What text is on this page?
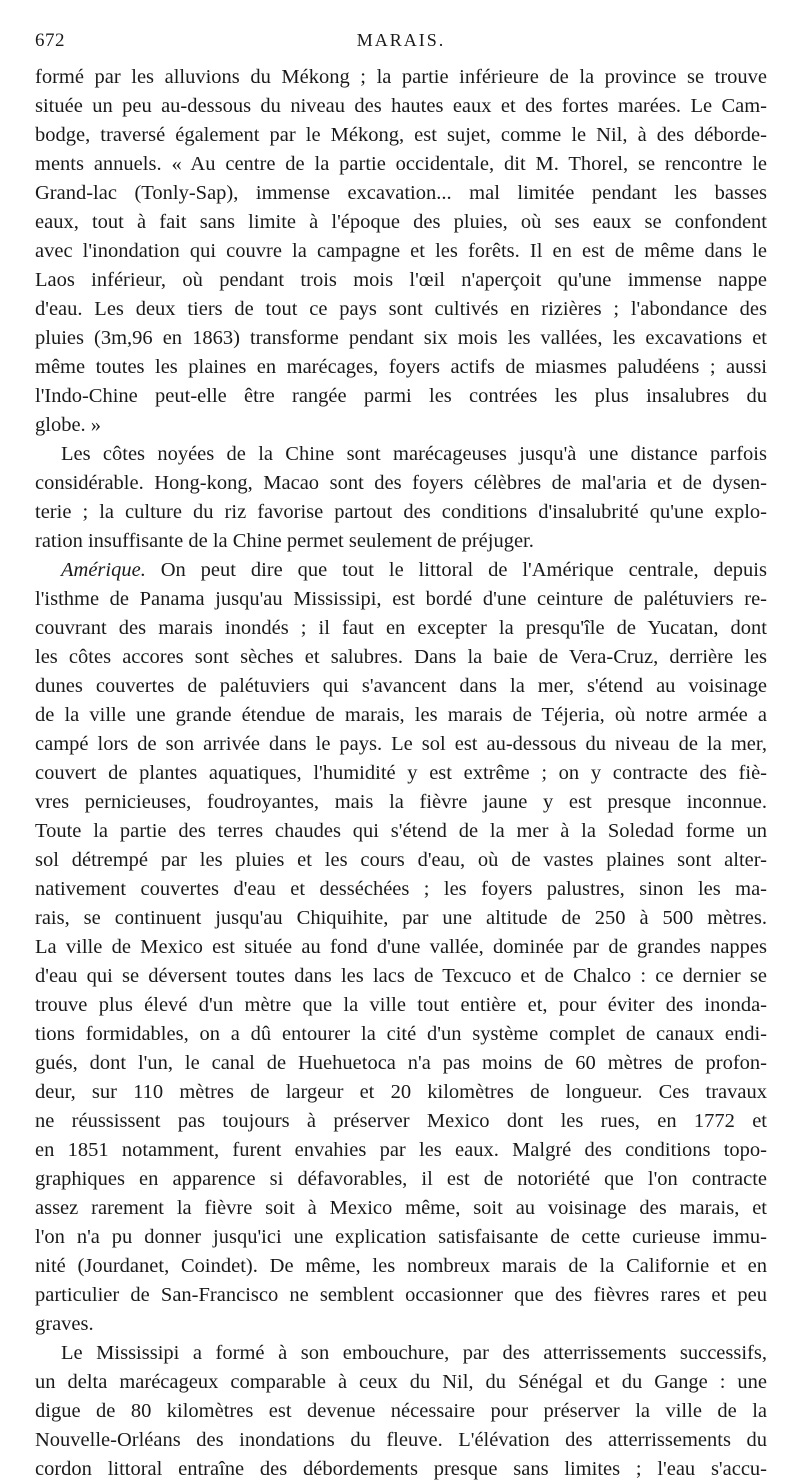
672	MARAIS.
formé par les alluvions du Mékong ; la partie inférieure de la province se trouve
située un peu au-dessous du niveau des hautes eaux et des fortes marées. Le Cam-
bodge, traversé également par le Mékong, est sujet, comme le Nil, à des déborde-
ments annuels. « Au centre de la partie occidentale, dit M. Thorel, se rencontre le
Grand-lac (Tonly-Sap), immense excavation... mal limitée pendant les basses
eaux, tout à fait sans limite à l'époque des pluies, où ses eaux se confondent
avec l'inondation qui couvre la campagne et les forêts. Il en est de même dans le
Laos inférieur, où pendant trois mois l'œil n'aperçoit qu'une immense nappe
d'eau. Les deux tiers de tout ce pays sont cultivés en rizières ; l'abondance des
pluies (3m,96 en 1863) transforme pendant six mois les vallées, les excavations et
même toutes les plaines en marécages, foyers actifs de miasmes paludéens ; aussi
l'Indo-Chine peut-elle être rangée parmi les contrées les plus insalubres du
globe. »
Les côtes noyées de la Chine sont marécageuses jusqu'à une distance parfois
considérable. Hong-kong, Macao sont des foyers célèbres de mal'aria et de dysen-
terie ; la culture du riz favorise partout des conditions d'insalubrité qu'une explo-
ration insuffisante de la Chine permet seulement de préjuger.
Amérique. On peut dire que tout le littoral de l'Amérique centrale, depuis
l'isthme de Panama jusqu'au Mississipi, est bordé d'une ceinture de palétuviers re-
couvrant des marais inondés ; il faut en excepter la presqu'île de Yucatan, dont
les côtes accores sont sèches et salubres. Dans la baie de Vera-Cruz, derrière les
dunes couvertes de palétuviers qui s'avancent dans la mer, s'étend au voisinage
de la ville une grande étendue de marais, les marais de Téjeria, où notre armée a
campé lors de son arrivée dans le pays. Le sol est au-dessous du niveau de la mer,
couvert de plantes aquatiques, l'humidité y est extrême ; on y contracte des fiè-
vres pernicieuses, foudroyantes, mais la fièvre jaune y est presque inconnue.
Toute la partie des terres chaudes qui s'étend de la mer à la Soledad forme un
sol détrempé par les pluies et les cours d'eau, où de vastes plaines sont alter-
nativement couvertes d'eau et desséchées ; les foyers palustres, sinon les ma-
rais, se continuent jusqu'au Chiquihite, par une altitude de 250 à 500 mètres.
La ville de Mexico est située au fond d'une vallée, dominée par de grandes nappes
d'eau qui se déversent toutes dans les lacs de Texcuco et de Chalco : ce dernier se
trouve plus élevé d'un mètre que la ville tout entière et, pour éviter des inonda-
tions formidables, on a dû entourer la cité d'un système complet de canaux endi-
gués, dont l'un, le canal de Huehuetoca n'a pas moins de 60 mètres de profon-
deur, sur 110 mètres de largeur et 20 kilomètres de longueur. Ces travaux
ne réussissent pas toujours à préserver Mexico dont les rues, en 1772 et
en 1851 notamment, furent envahies par les eaux. Malgré des conditions topo-
graphiques en apparence si défavorables, il est de notoriété que l'on contracte
assez rarement la fièvre soit à Mexico même, soit au voisinage des marais, et
l'on n'a pu donner jusqu'ici une explication satisfaisante de cette curieuse immu-
nité (Jourdanet, Coindet). De même, les nombreux marais de la Californie et en
particulier de San-Francisco ne semblent occasionner que des fièvres rares et peu
graves.
Le Mississipi a formé à son embouchure, par des atterrissements successifs,
un delta marécageux comparable à ceux du Nil, du Sénégal et du Gange : une
digue de 80 kilomètres est devenue nécessaire pour préserver la ville de la
Nouvelle-Orléans des inondations du fleuve. L'élévation des atterrissements du
cordon littoral entraîne des débordements presque sans limites ; l'eau s'accu-
